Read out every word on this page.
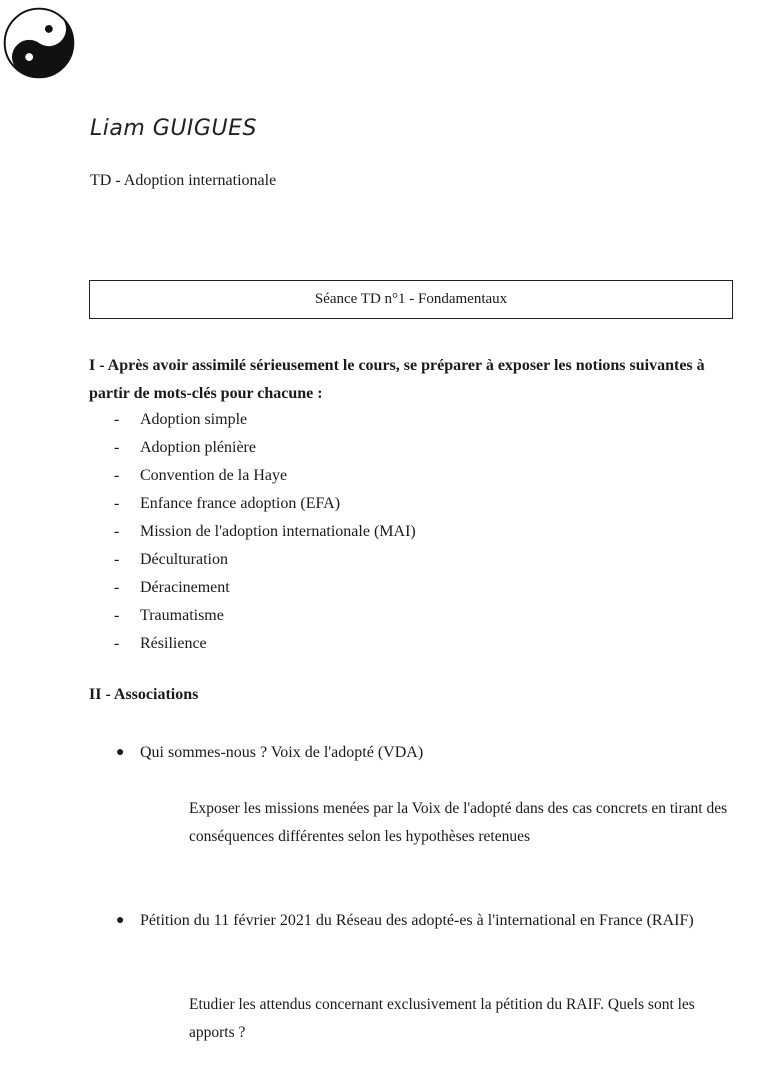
Liam GUIGUES
TD - Adoption internationale
Séance TD n°1 - Fondamentaux
I - Après avoir assimilé sérieusement le cours, se préparer à exposer les notions suivantes à partir de mots-clés pour chacune :
-	Adoption simple
-	Adoption plénière
-	Convention de la Haye
-	Enfance france adoption (EFA)
-	Mission de l'adoption internationale (MAI)
-	Déculturation
-	Déracinement
-	Traumatisme
-	Résilience
II - Associations
● Qui sommes-nous ? Voix de l'adopté (VDA)
Exposer les missions menées par la Voix de l'adopté dans des cas concrets en tirant des conséquences différentes selon les hypothèses retenues
● Pétition du 11 février 2021 du Réseau des adopté-es à l'international en France (RAIF)
Etudier les attendus concernant exclusivement la pétition du RAIF. Quels sont les apports ?
